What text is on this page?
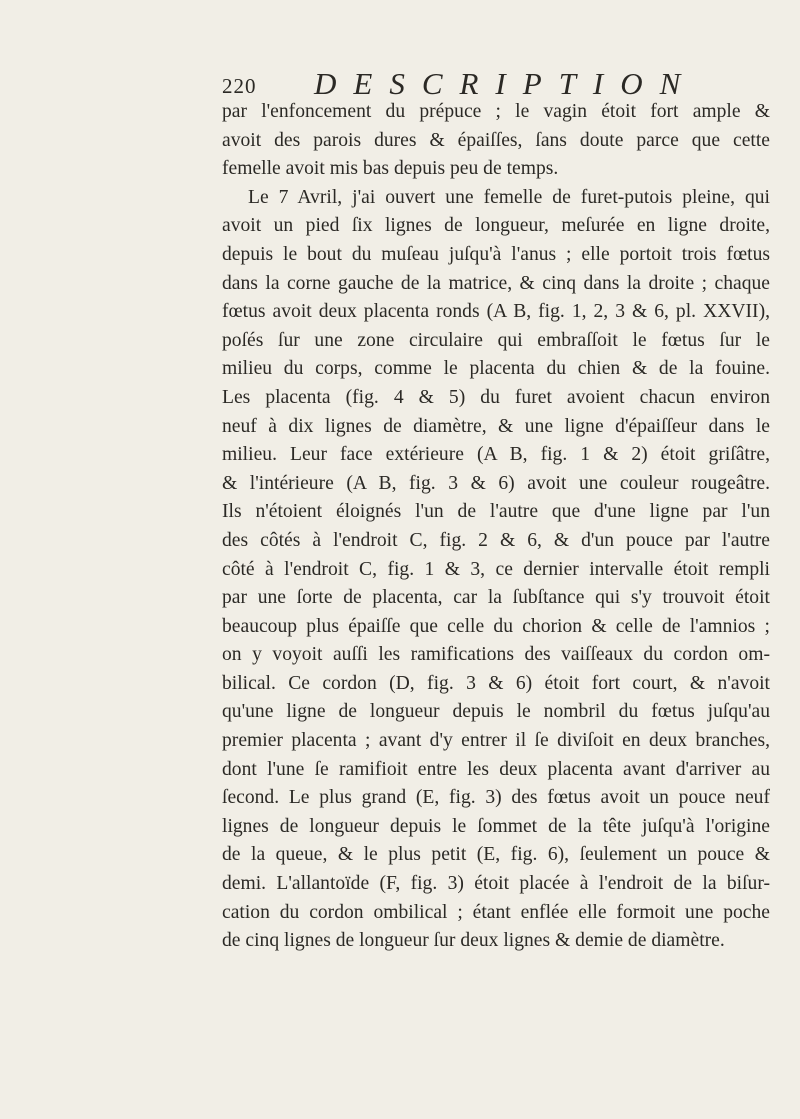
220 DESCRIPTION
par l'enfoncement du prépuce ; le vagin étoit fort ample &
avoit des parois dures & épaiſſes, ſans doute parce que cette
femelle avoit mis bas depuis peu de temps.
Le 7 Avril, j'ai ouvert une femelle de furet-putois pleine, qui
avoit un pied ſix lignes de longueur, meſurée en ligne droite,
depuis le bout du muſeau juſqu'à l'anus ; elle portoit trois fœtus
dans la corne gauche de la matrice, & cinq dans la droite ; chaque
fœtus avoit deux placenta ronds (A B, fig. 1, 2, 3 & 6, pl. XXVII),
poſés ſur une zone circulaire qui embraſſoit le fœtus ſur le
milieu du corps, comme le placenta du chien & de la fouine.
Les placenta (fig. 4 & 5) du furet avoient chacun environ
neuf à dix lignes de diamètre, & une ligne d'épaiſſeur dans le
milieu. Leur face extérieure (A B, fig. 1 & 2) étoit griſâtre,
& l'intérieure (A B, fig. 3 & 6) avoit une couleur rougeâtre.
Ils n'étoient éloignés l'un de l'autre que d'une ligne par l'un
des côtés à l'endroit C, fig. 2 & 6, & d'un pouce par l'autre
côté à l'endroit C, fig. 1 & 3, ce dernier intervalle étoit rempli
par une ſorte de placenta, car la ſubſtance qui s'y trouvoit étoit
beaucoup plus épaiſſe que celle du chorion & celle de l'amnios ;
on y voyoit auſſi les ramifications des vaiſſeaux du cordon om-
bilical. Ce cordon (D, fig. 3 & 6) étoit fort court, & n'avoit
qu'une ligne de longueur depuis le nombril du fœtus juſqu'au
premier placenta ; avant d'y entrer il ſe diviſoit en deux branches,
dont l'une ſe ramifioit entre les deux placenta avant d'arriver au
ſecond. Le plus grand (E, fig. 3) des fœtus avoit un pouce neuf
lignes de longueur depuis le ſommet de la tête juſqu'à l'origine
de la queue, & le plus petit (E, fig. 6), ſeulement un pouce &
demi. L'allantoïde (F, fig. 3) étoit placée à l'endroit de la biſur-
cation du cordon ombilical ; étant enflée elle formoit une poche
de cinq lignes de longueur ſur deux lignes & demie de diamètre.
